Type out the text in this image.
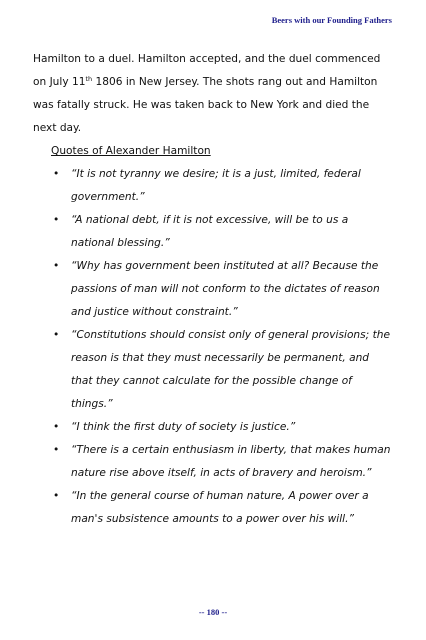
Beers with our Founding Fathers

Hamilton to a duel. Hamilton accepted, and the duel commenced on July 11th 1806 in New Jersey. The shots rang out and Hamilton was fatally struck. He was taken back to New York and died the next day.

Quotes of Alexander Hamilton

• “It is not tyranny we desire; it is a just, limited, federal government.”
• “A national debt, if it is not excessive, will be to us a national blessing.”
• “Why has government been instituted at all? Because the passions of man will not conform to the dictates of reason and justice without constraint.”
• “Constitutions should consist only of general provisions; the reason is that they must necessarily be permanent, and that they cannot calculate for the possible change of things.”
• “I think the first duty of society is justice.”
• “There is a certain enthusiasm in liberty, that makes human nature rise above itself, in acts of bravery and heroism.”
• “In the general course of human nature, A power over a man's subsistence amounts to a power over his will.”
-- 180 --
